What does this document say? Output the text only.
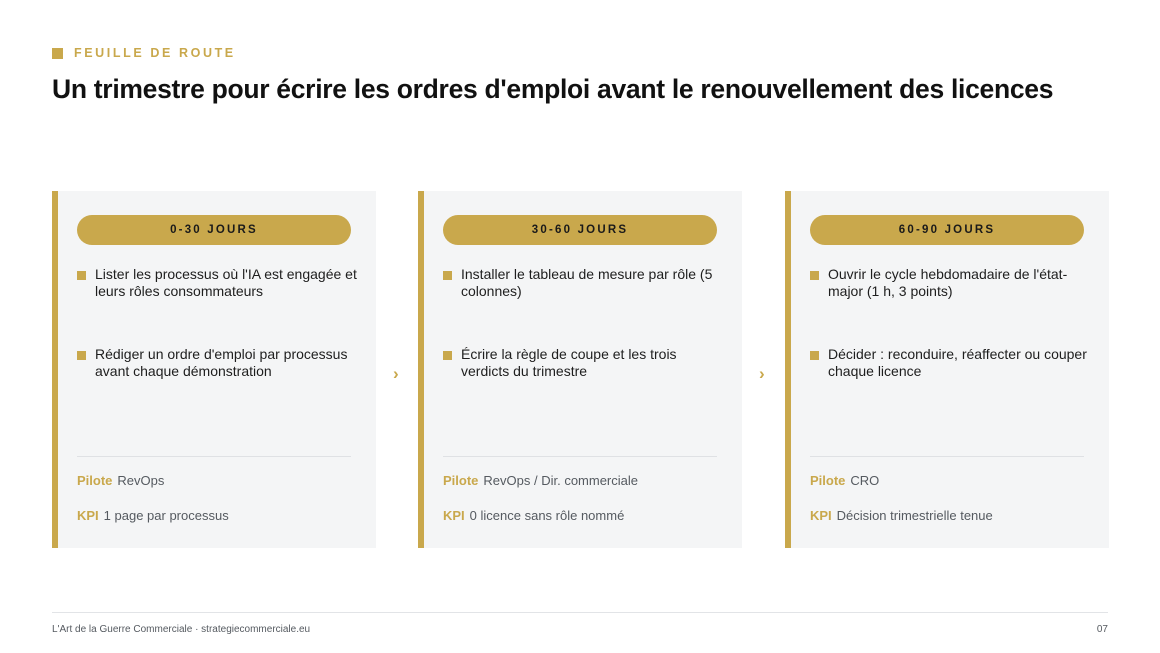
FEUILLE DE ROUTE
Un trimestre pour écrire les ordres d'emploi avant le renouvellement des licences
0-30 JOURS
Lister les processus où l'IA est engagée et leurs rôles consommateurs
Rédiger un ordre d'emploi par processus avant chaque démonstration
Pilote RevOps
KPI 1 page par processus
›
30-60 JOURS
Installer le tableau de mesure par rôle (5 colonnes)
Écrire la règle de coupe et les trois verdicts du trimestre
Pilote RevOps / Dir. commerciale
KPI 0 licence sans rôle nommé
›
60-90 JOURS
Ouvrir le cycle hebdomadaire de l'état-major (1 h, 3 points)
Décider : reconduire, réaffecter ou couper chaque licence
Pilote CRO
KPI Décision trimestrielle tenue
L'Art de la Guerre Commerciale · strategiecommerciale.eu	07
